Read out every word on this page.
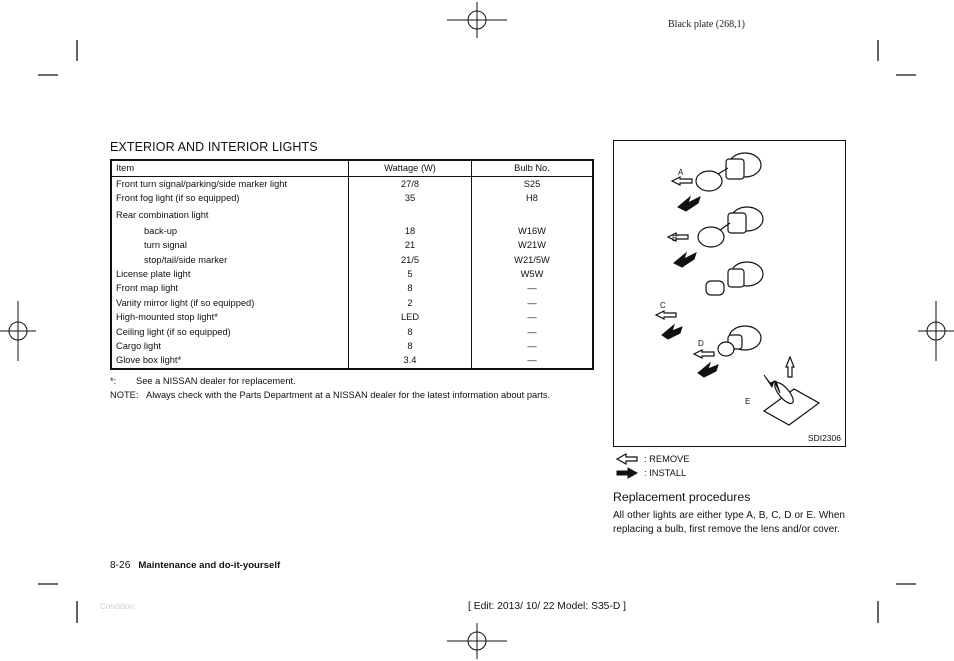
Black plate (268,1)
EXTERIOR AND INTERIOR LIGHTS
Item	Wattage (W)	Bulb No.
Front turn signal/parking/side marker light	27/8	S25
Front fog light (if so equipped)	35	H8
Rear combination light		
back-up	18	W16W
turn signal	21	W21W
stop/tail/side marker	21/5	W21/5W
License plate light	5	W5W
Front map light	8	—
Vanity mirror light (if so equipped)	2	—
High-mounted stop light*	LED	—
Ceiling light (if so equipped)	8	—
Cargo light	8	—
Glove box light*	3.4	—
*: See a NISSAN dealer for replacement.
NOTE: Always check with the Parts Department at a NISSAN dealer for the latest information about parts.
A
B
C
D
E
SDI2306
: REMOVE
: INSTALL
Replacement procedures
All other lights are either type A, B, C, D or E. When replacing a bulb, first remove the lens and/or cover.
8-26 Maintenance and do-it-yourself
Condition:	[ Edit: 2013/ 10/ 22 Model: S35-D ]
